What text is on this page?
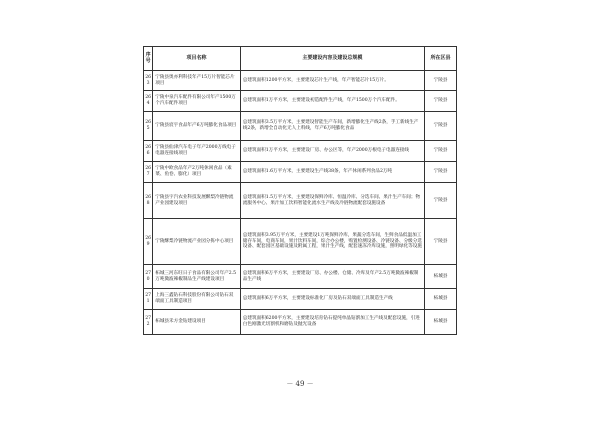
序号	项目名称	主要建设内容及建设总规模	所在区县
263	宁陵县奥亦利科技年产15万片智能芯片项目	总建筑面积1200平方米，主要建设芯片生产线，年产智能芯片15万片。	宁陵县
264	宁陵中泉汽车配件有限公司年产1500万个汽车配件项目	总建筑面积1万平方米，主要建设初造配件生产线，年产1500万个汽车配件。	宁陵县
265	宁陵县宸宇食品年产6万吨膨化食品项目	总建筑面积3.5万平方米，主要建设智能生产车间，新增膨化生产线2条，手工新线生产线2条，新增全自动化无人上料线，年产6万吨膨化食品	宁陵县
266	宁陵县仙津汽车电子年产2000万线电子电器连接线项目	总建筑面积1万平方米，主要建设厂房、办公区等，年产2000万根电子电器连接线	宁陵县
267	宁陵中欧食品年产2万吨休闲食品（素菜、鱼卷、膨化）项目	总建筑面积1.6万平方米，主要建设生产线38条，年产休闲系列食品2万吨	宁陵县
268	宁陵县宇汽农业科技发展酥梨冷链物流产业园建设项目	总建筑面积1.5万平方米，主要建设保鲜冷库、恒温冷库、分选车间、果汁生产车间；物流服务中心、果汁加工饮料智能化流水生产线及冷链物流配套设施设备	宁陵县
269	宁陵酥梨冷链物流产业园分拣中心项目	总建筑面积3.95万平方米，主要建设1万吨保鲜冷库，果蔬分选车间，生鲜食品低温加工储存车间，电商车间，果汁饮料车间，综合办公楼，购置检测设备、冷链设备、分级分选设备、配套园区基础设施及附属工程，果汁生产线，配套速冻冷库设施，照明绿化等设施	宁陵县
270	柘城三河东旺日子食品有限公司年产2.5万吨微波辣椒制品生产线建设项目	总建筑面积6万平方米，主要建设厂房、办公楼、仓储、冷库及年产2.5万吨微波辣椒制品生产线	柘城县
271	上海三鑫钻石科技股份有限公司钻石双端面工具制造项目	总建筑面积6万平方米，主要建设标准化厂房及钻石双端面工具制造生产线	柘城县
272	柘城县禾方金钻建设项目	总建筑面积6200平方米，主要建设培育钻石提纯单晶钻割加工生产线及配套设施，引进白色刚激光切割机和磨钻及抛光设备	柘城县
－ 49 －
